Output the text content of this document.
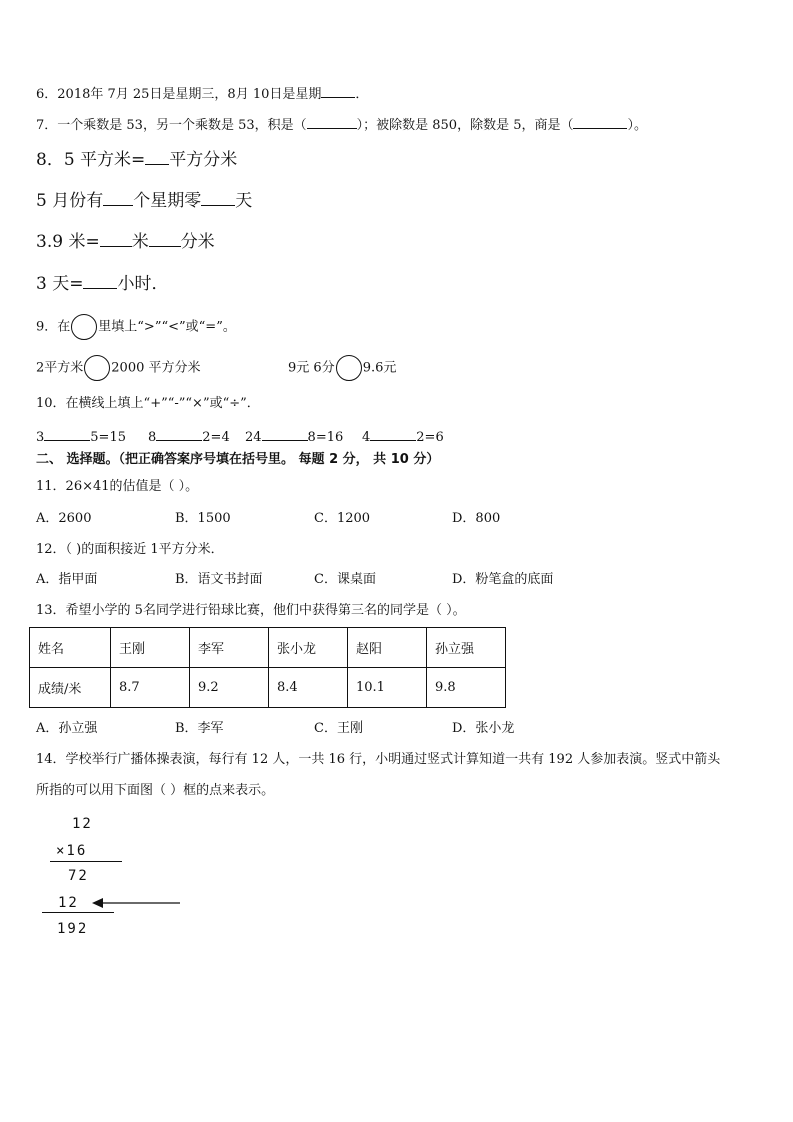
6．2018年 7月 25日是星期三，8月 10日是星期	．
7．一个乘数是 53，另一个乘数是 53，积是（	）；被除数是 850，除数是 5，商是（	）。
8．5 平方米= 平方分米
5 月份有 个星期零 天
3.9 米= 米 分米
3 天= 小时．
9．在 里填上“>”“<”或“=”。
2平方米 2000 平方分米	9元 6分 9.6元
10．在横线上填上“+”“-”“×”或“÷”．
3	5=15 8	2=4 24	8=16 4	2=6
二、 选择题。（把正确答案序号填在括号里。 每题 2 分， 共 10 分）
11．26×41的估值是（ ）。
A．2600	B．1500	C．1200	D．800
12．（ )的面积接近 1平方分米．
A．指甲面	B．语文书封面	C．课桌面	D．粉笔盒的底面
13．希望小学的 5名同学进行铅球比赛，他们中获得第三名的同学是（ ）。
姓名	王刚	李军	张小龙	赵阳	孙立强
成绩/米	8.7	9.2	8.4	10.1	9.8
A．孙立强	B．李军	C．王刚	D．张小龙
14．学校举行广播体操表演，每行有 12 人，一共 16 行，小明通过竖式计算知道一共有 192 人参加表演。竖式中箭头
所指的可以用下面图（ ）框的点来表示。
12
×16
72
12
192
